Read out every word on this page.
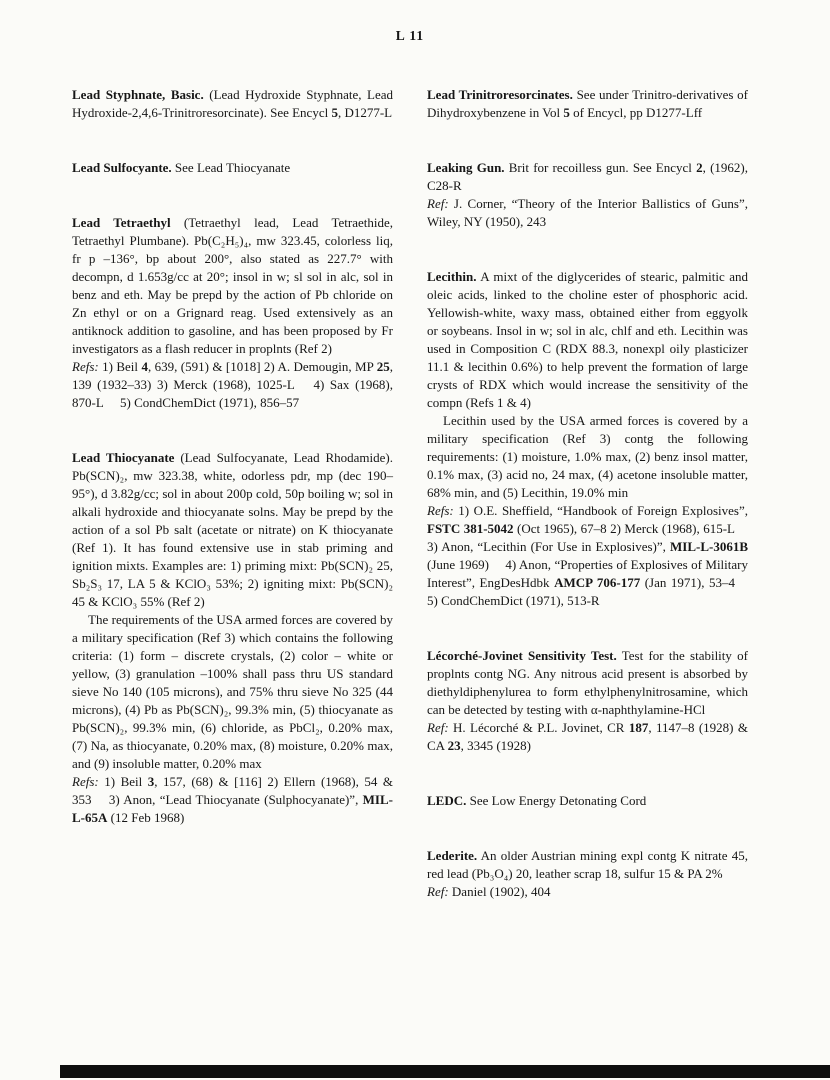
L 11

Lead Styphnate, Basic. (Lead Hydroxide Styphnate, Lead Hydroxide-2,4,6-Trinitroresorcinate). See Encycl 5, D1277-L

Lead Sulfocyante. See Lead Thiocyanate

Lead Tetraethyl (Tetraethyl lead, Lead Tetraethide, Tetraethyl Plumbane). Pb(C₂H₅)₄, mw 323.45, colorless liq, fr p –136°, bp about 200°, also stated as 227.7° with decompn, d 1.653g/cc at 20°; insol in w; sl sol in alc, sol in benz and eth. May be prepd by the action of Pb chloride on Zn ethyl or on a Grignard reag. Used extensively as an antiknock addition to gasoline, and has been proposed by Fr investigators as a flash reducer in proplnts (Ref 2)

Refs: 1) Beil 4, 639, (591) & [1018] 2) A. Demougin, MP 25, 139 (1932–33) 3) Merck (1968), 1025-L  4) Sax (1968), 870-L  5) CondChemDict (1971), 856–57

Lead Thiocyanate (Lead Sulfocyanate, Lead Rhodamide). Pb(SCN)₂, mw 323.38, white, odorless pdr, mp (dec 190–95°), d 3.82g/cc; sol in about 200p cold, 50p boiling w; sol in alkali hydroxide and thiocyanate solns. May be prepd by the action of a sol Pb salt (acetate or nitrate) on K thiocyanate (Ref 1). It has found extensive use in stab priming and ignition mixts. Examples are: 1) priming mixt: Pb(SCN)₂ 25, Sb₂S₃ 17, LA 5 & KClO₃ 53%; 2) igniting mixt: Pb(SCN)₂ 45 & KClO₃ 55% (Ref 2)

The requirements of the USA armed forces are covered by a military specification (Ref 3) which contains the following criteria: (1) form – discrete crystals, (2) color – white or yellow, (3) granulation –100% shall pass thru US standard sieve No 140 (105 microns), and 75% thru sieve No 325 (44 microns), (4) Pb as Pb(SCN)₂, 99.3% min, (5) thiocyanate as Pb(SCN)₂, 99.3% min, (6) chloride, as PbCl₂, 0.20% max, (7) Na, as thiocyanate, 0.20% max, (8) moisture, 0.20% max, and (9) insoluble matter, 0.20% max

Refs: 1) Beil 3, 157, (68) & [116] 2) Ellern (1968), 54 & 353  3) Anon, “Lead Thiocyanate (Sulphocyanate)”, MIL-L-65A (12 Feb 1968)

Lead Trinitroresorcinates. See under Trinitro-derivatives of Dihydroxybenzene in Vol 5 of Encycl, pp D1277-Lff

Leaking Gun. Brit for recoilless gun. See Encycl 2, (1962), C28-R

Ref: J. Corner, “Theory of the Interior Ballistics of Guns”, Wiley, NY (1950), 243

Lecithin. A mixt of the diglycerides of stearic, palmitic and oleic acids, linked to the choline ester of phosphoric acid. Yellowish-white, waxy mass, obtained either from eggyolk or soybeans. Insol in w; sol in alc, chlf and eth. Lecithin was used in Composition C (RDX 88.3, nonexpl oily plasticizer 11.1 & lecithin 0.6%) to help prevent the formation of large crysts of RDX which would increase the sensitivity of the compn (Refs 1 & 4)

Lecithin used by the USA armed forces is covered by a military specification (Ref 3) contg the following requirements: (1) moisture, 1.0% max, (2) benz insol matter, 0.1% max, (3) acid no, 24 max, (4) acetone insoluble matter, 68% min, and (5) Lecithin, 19.0% min

Refs: 1) O.E. Sheffield, “Handbook of Foreign Explosives”, FSTC 381-5042 (Oct 1965), 67–8 2) Merck (1968), 615-L  3) Anon, “Lecithin (For Use in Explosives)”, MIL-L-3061B (June 1969)  4) Anon, “Properties of Explosives of Military Interest”, EngDesHdbk AMCP 706-177 (Jan 1971), 53–4  5) CondChemDict (1971), 513-R

Lécorché-Jovinet Sensitivity Test. Test for the stability of proplnts contg NG. Any nitrous acid present is absorbed by diethyldiphenylurea to form ethylphenylnitrosamine, which can be detected by testing with α-naphthylamine-HCl

Ref: H. Lécorché & P.L. Jovinet, CR 187, 1147–8 (1928) & CA 23, 3345 (1928)

LEDC. See Low Energy Detonating Cord

Lederite. An older Austrian mining expl contg K nitrate 45, red lead (Pb₃O₄) 20, leather scrap 18, sulfur 15 & PA 2%

Ref: Daniel (1902), 404
